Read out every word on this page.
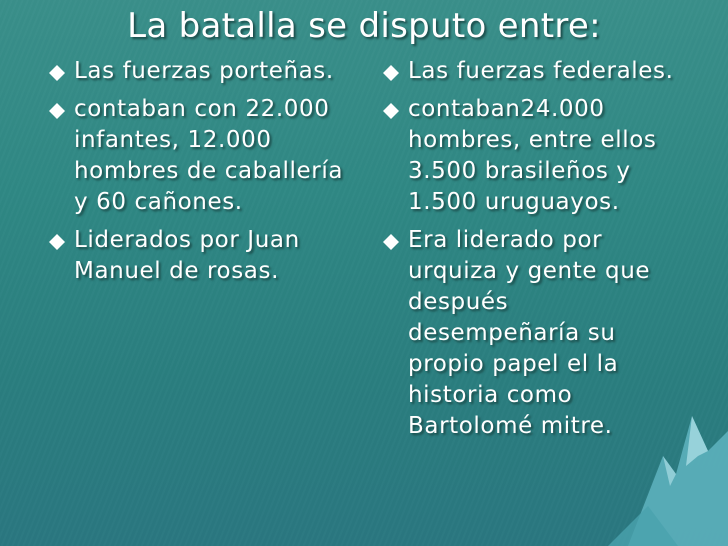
La batalla se disputo entre:
Las fuerzas porteñas.
contaban con 22.000 infantes, 12.000 hombres de caballería y 60 cañones.
Liderados por Juan Manuel de rosas.
Las fuerzas federales.
contaban24.000 hombres, entre ellos 3.500 brasileños y 1.500 uruguayos.
Era liderado por urquiza y gente que después desempeñaría su propio papel el la historia como Bartolomé mitre.
